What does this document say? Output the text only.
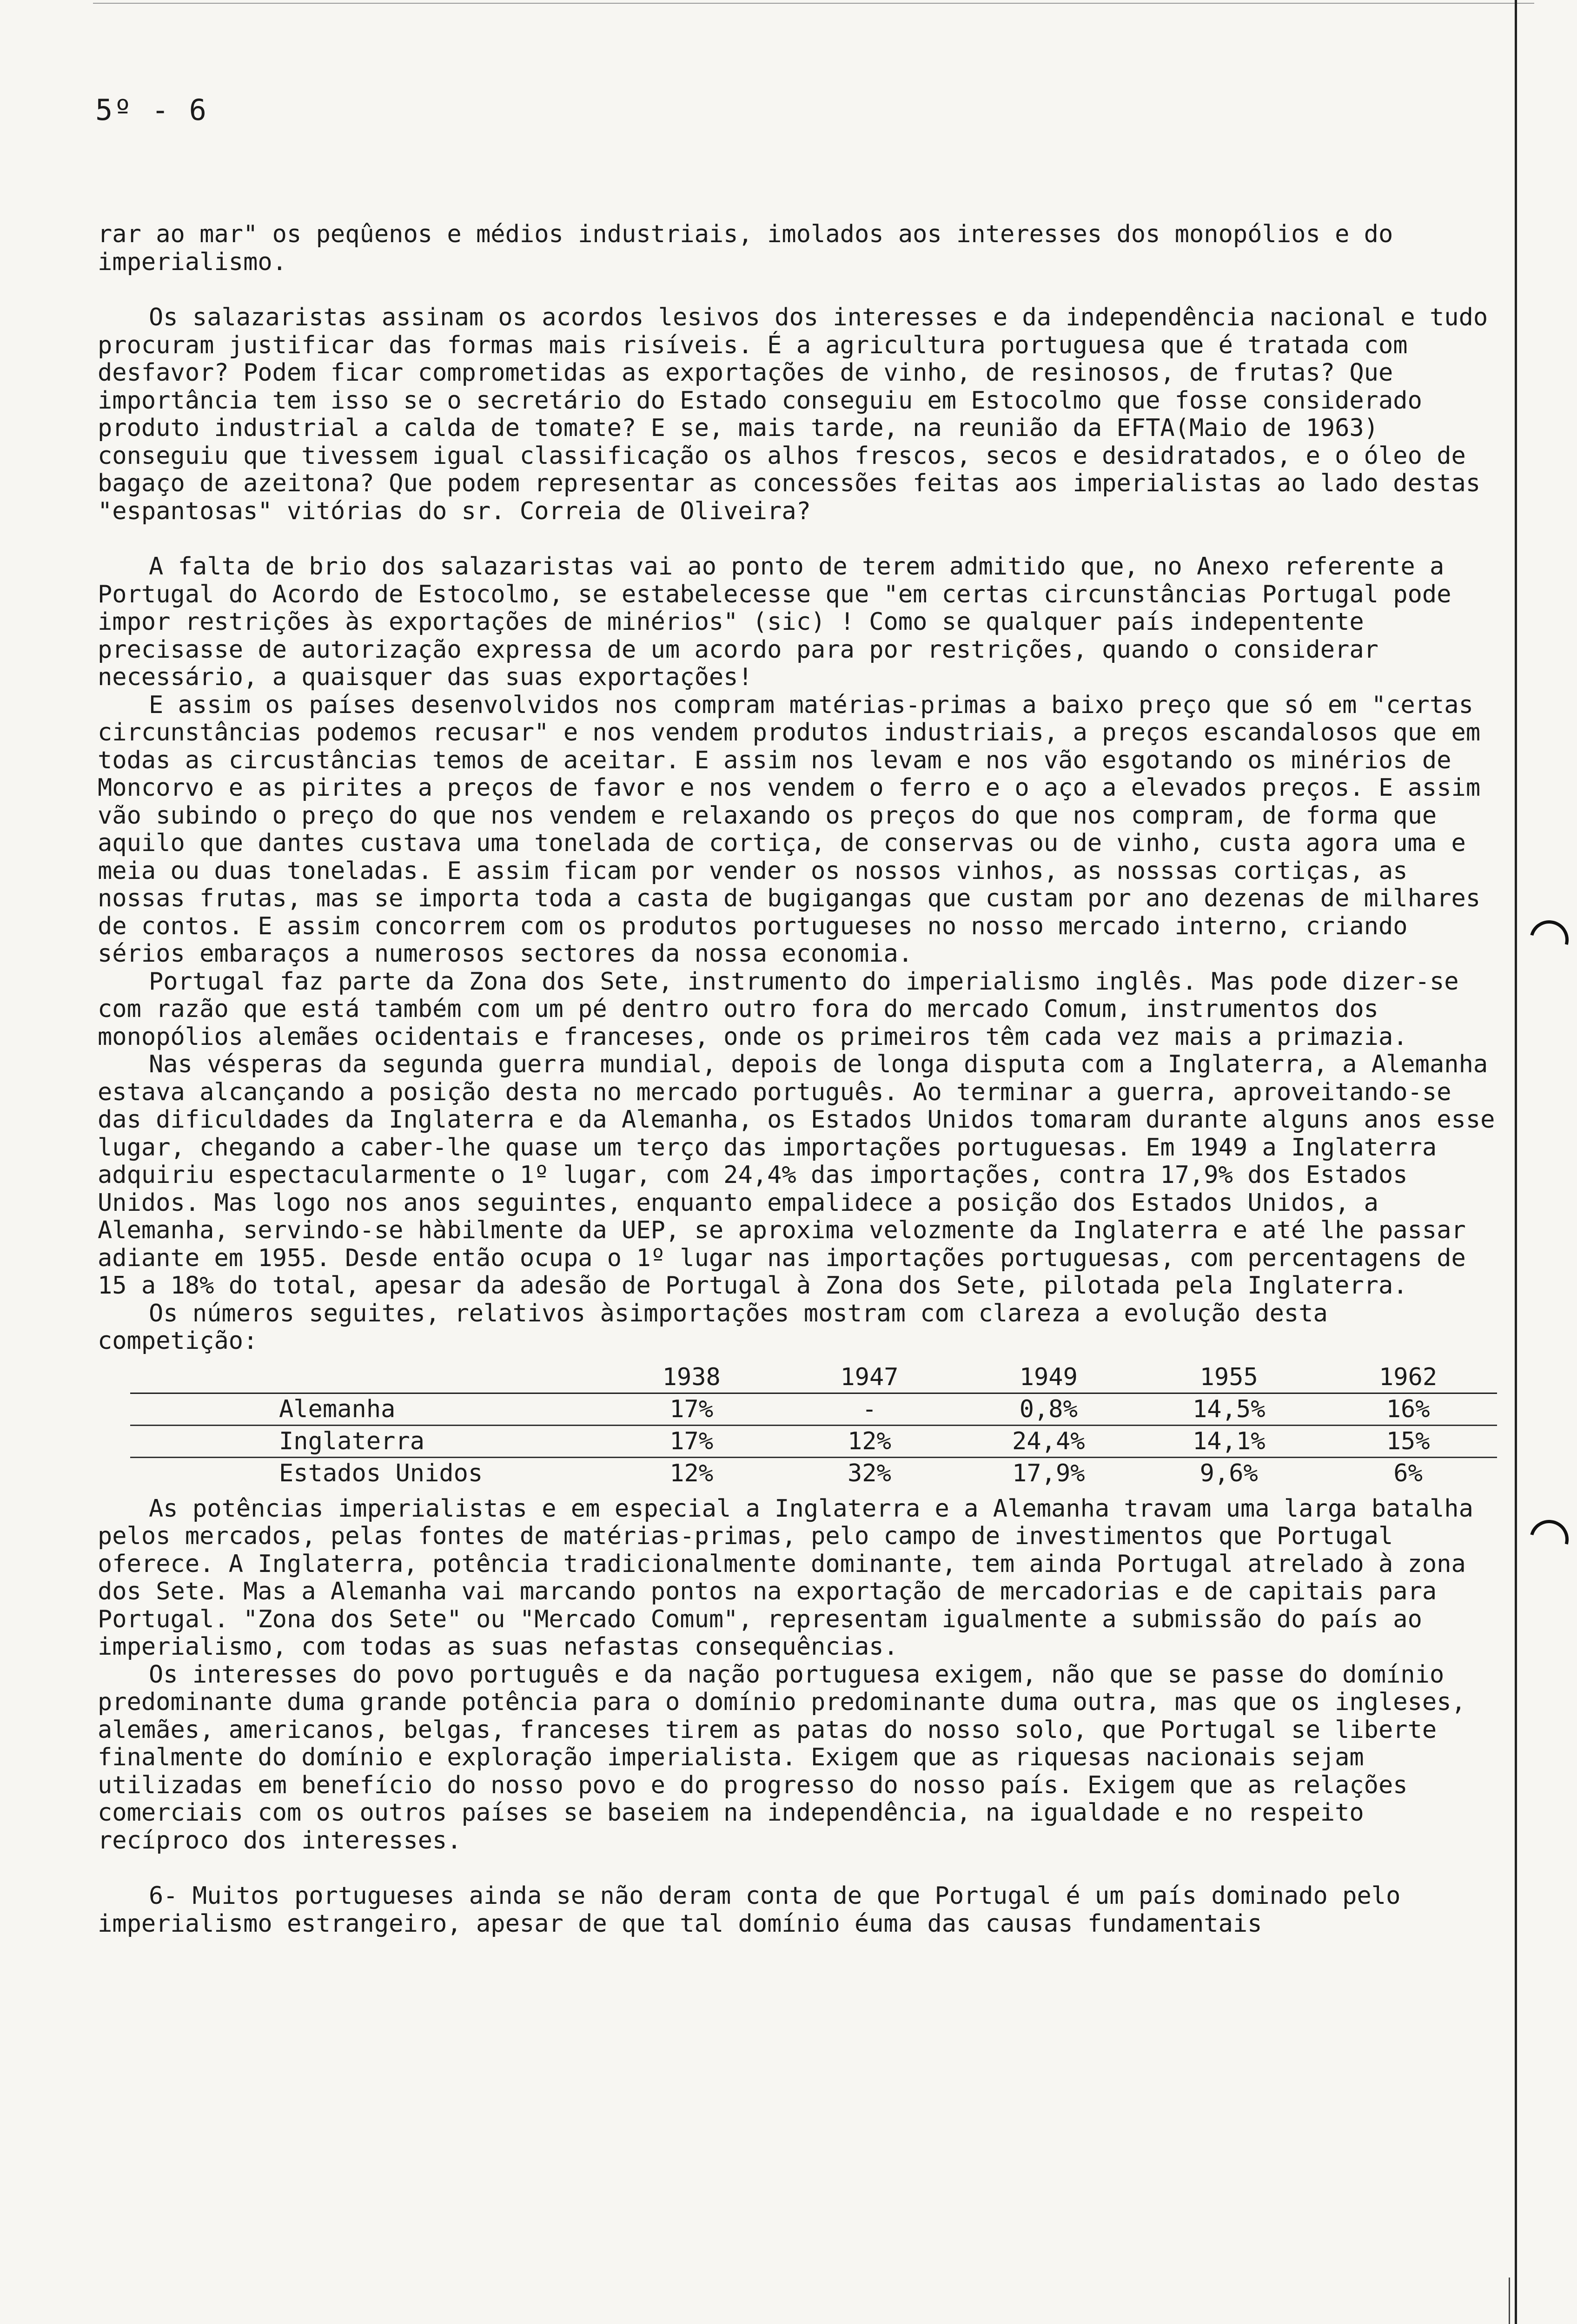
5º - 6

rar ao mar" os peqûenos e médios industriais, imolados aos interesses dos monopólios e do imperialismo.

Os salazaristas assinam os acordos lesivos dos interesses e da independência nacional e tudo procuram justificar das formas mais risíveis. É a agricultura portuguesa que é tratada com desfavor? Podem ficar comprometidas as exportações de vinho, de resinosos, de frutas? Que importância tem isso se o secretário do Estado conseguiu em Estocolmo que fosse considerado produto industrial a calda de tomate? E se, mais tarde, na reunião da EFTA(Maio de 1963) conseguiu que tivessem igual classificação os alhos frescos, secos e desidratados, e o óleo de bagaço de azeitona? Que podem representar as concessões feitas aos imperialistas ao lado destas "espantosas" vitórias do sr. Correia de Oliveira?

A falta de brio dos salazaristas vai ao ponto de terem admitido que, no Anexo referente a Portugal do Acordo de Estocolmo, se estabelecesse que "em certas circunstâncias Portugal pode impor restrições às exportações de minérios" (sic) ! Como se qualquer país indepentente precisasse de autorização expressa de um acordo para por restrições, quando o considerar necessário, a quaisquer das suas exportações!

E assim os países desenvolvidos nos compram matérias-primas a baixo preço que só em "certas circunstâncias podemos recusar" e nos vendem produtos industriais, a preços escandalosos que em todas as circustâncias temos de aceitar. E assim nos levam e nos vão esgotando os minérios de Moncorvo e as pirites a preços de favor e nos vendem o ferro e o aço a elevados preços. E assim vão subindo o preço do que nos vendem e relaxando os preços do que nos compram, de forma que aquilo que dantes custava uma tonelada de cortiça, de conservas ou de vinho, custa agora uma e meia ou duas toneladas. E assim ficam por vender os nossos vinhos, as nosssas cortiças, as nossas frutas, mas se importa toda a casta de bugigangas que custam por ano dezenas de milhares de contos. E assim concorrem com os produtos portugueses no nosso mercado interno, criando sérios embaraços a numerosos sectores da nossa economia.

Portugal faz parte da Zona dos Sete, instrumento do imperialismo inglês. Mas pode dizer-se com razão que está também com um pé dentro outro fora do mercado Comum, instrumentos dos monopólios alemães ocidentais e franceses, onde os primeiros têm cada vez mais a primazia.

Nas vésperas da segunda guerra mundial, depois de longa disputa com a Inglaterra, a Alemanha estava alcançando a posição desta no mercado português. Ao terminar a guerra, aproveitando-se das dificuldades da Inglaterra e da Alemanha, os Estados Unidos tomaram durante alguns anos esse lugar, chegando a caber-lhe quase um terço das importações portuguesas. Em 1949 a Inglaterra adquiriu espectacularmente o 1º lugar, com 24,4% das importações, contra 17,9% dos Estados Unidos. Mas logo nos anos seguintes, enquanto empalidece a posição dos Estados Unidos, a Alemanha, servindo-se hàbilmente da UEP, se aproxima velozmente da Inglaterra e até lhe passar adiante em 1955. Desde então ocupa o 1º lugar nas importações portuguesas, com percentagens de 15 a 18% do total, apesar da adesão de Portugal à Zona dos Sete, pilotada pela Inglaterra.

Os números seguites, relativos àsimportações mostram com clareza a evolução desta competição:

	1938	1947	1949	1955	1962
Alemanha	17%	-	0,8%	14,5%	16%
Inglaterra	17%	12%	24,4%	14,1%	15%
Estados Unidos	12%	32%	17,9%	9,6%	6%

As potências imperialistas e em especial a Inglaterra e a Alemanha travam uma larga batalha pelos mercados, pelas fontes de matérias-primas, pelo campo de investimentos que Portugal oferece. A Inglaterra, potência tradicionalmente dominante, tem ainda Portugal atrelado à zona dos Sete. Mas a Alemanha vai marcando pontos na exportação de mercadorias e de capitais para Portugal. "Zona dos Sete" ou "Mercado Comum", representam igualmente a submissão do país ao imperialismo, com todas as suas nefastas consequências.

Os interesses do povo português e da nação portuguesa exigem, não que se passe do domínio predominante duma grande potência para o domínio predominante duma outra, mas que os ingleses, alemães, americanos, belgas, franceses tirem as patas do nosso solo, que Portugal se liberte finalmente do domínio e exploração imperialista. Exigem que as riquesas nacionais sejam utilizadas em benefício do nosso povo e do progresso do nosso país. Exigem que as relações comerciais com os outros países se baseiem na independência, na igualdade e no respeito recíproco dos interesses.

6- Muitos portugueses ainda se não deram conta de que Portugal é um país dominado pelo imperialismo estrangeiro, apesar de que tal domínio éuma das causas fundamentais
